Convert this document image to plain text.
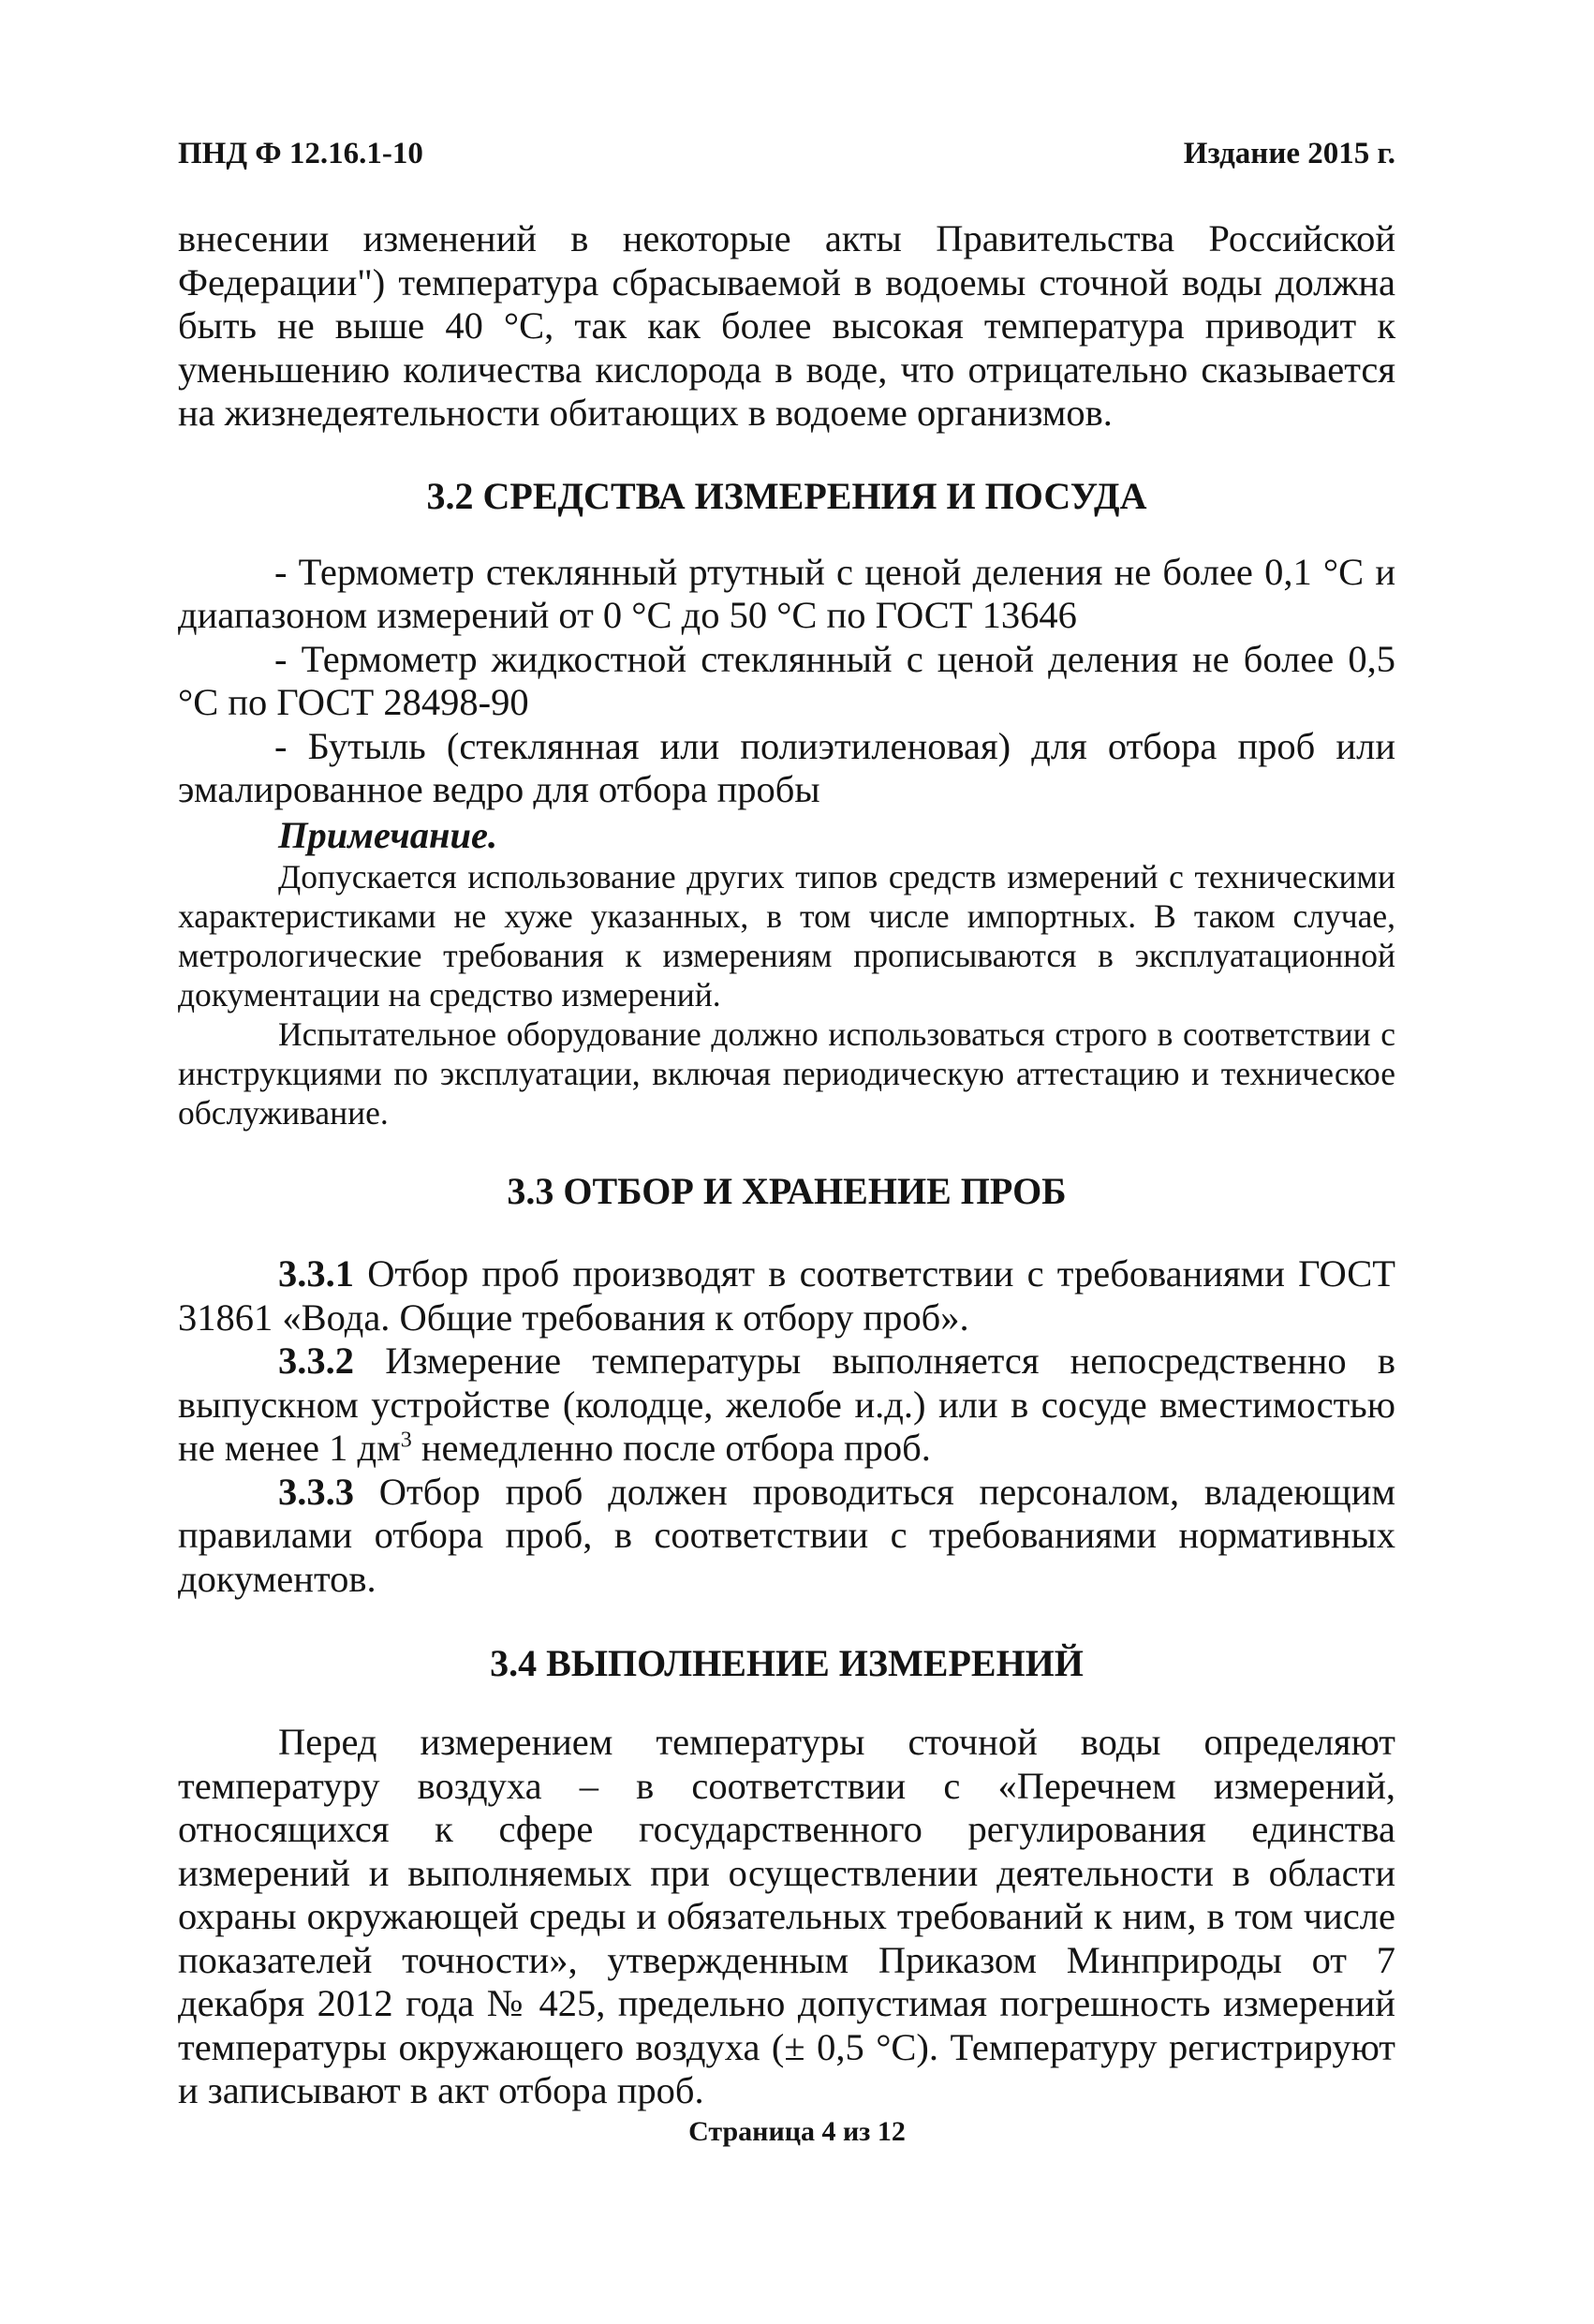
ПНД Ф 12.16.1-10	Издание 2015 г.

внесении изменений в некоторые акты Правительства Российской Федерации") температура сбрасываемой в водоемы сточной воды должна быть не выше 40 °С, так как более высокая температура приводит к уменьшению количества кислорода в воде, что отрицательно сказывается на жизнедеятельности обитающих в водоеме организмов.

3.2 СРЕДСТВА ИЗМЕРЕНИЯ И ПОСУДА

- Термометр стеклянный ртутный с ценой деления не более 0,1 °С и диапазоном измерений от 0 °С до 50 °С по ГОСТ 13646

- Термометр жидкостной стеклянный с ценой деления не более 0,5 °С по ГОСТ 28498-90

- Бутыль (стеклянная или полиэтиленовая) для отбора проб или эмалированное ведро для отбора пробы

Примечание.

Допускается использование других типов средств измерений с техническими характеристиками не хуже указанных, в том числе импортных. В таком случае, метрологические требования к измерениям прописываются в эксплуатационной документации на средство измерений.

Испытательное оборудование должно использоваться строго в соответствии с инструкциями по эксплуатации, включая периодическую аттестацию и техническое обслуживание.

3.3 ОТБОР И ХРАНЕНИЕ ПРОБ

3.3.1 Отбор проб производят в соответствии с требованиями ГОСТ 31861 «Вода. Общие требования к отбору проб».

3.3.2 Измерение температуры выполняется непосредственно в выпускном устройстве (колодце, желобе и.д.) или в сосуде вместимостью не менее 1 $дм^3$ немедленно после отбора проб.

3.3.3 Отбор проб должен проводиться персоналом, владеющим правилами отбора проб, в соответствии с требованиями нормативных документов.

3.4 ВЫПОЛНЕНИЕ ИЗМЕРЕНИЙ

Перед измерением температуры сточной воды определяют температуру воздуха – в соответствии с «Перечнем измерений, относящихся к сфере государственного регулирования единства измерений и выполняемых при осуществлении деятельности в области охраны окружающей среды и обязательных требований к ним, в том числе показателей точности», утвержденным Приказом Минприроды от 7 декабря 2012 года № 425, предельно допустимая погрешность измерений температуры окружающего воздуха (± 0,5 °С). Температуру регистрируют и записывают в акт отбора проб.

Страница 4 из 12
